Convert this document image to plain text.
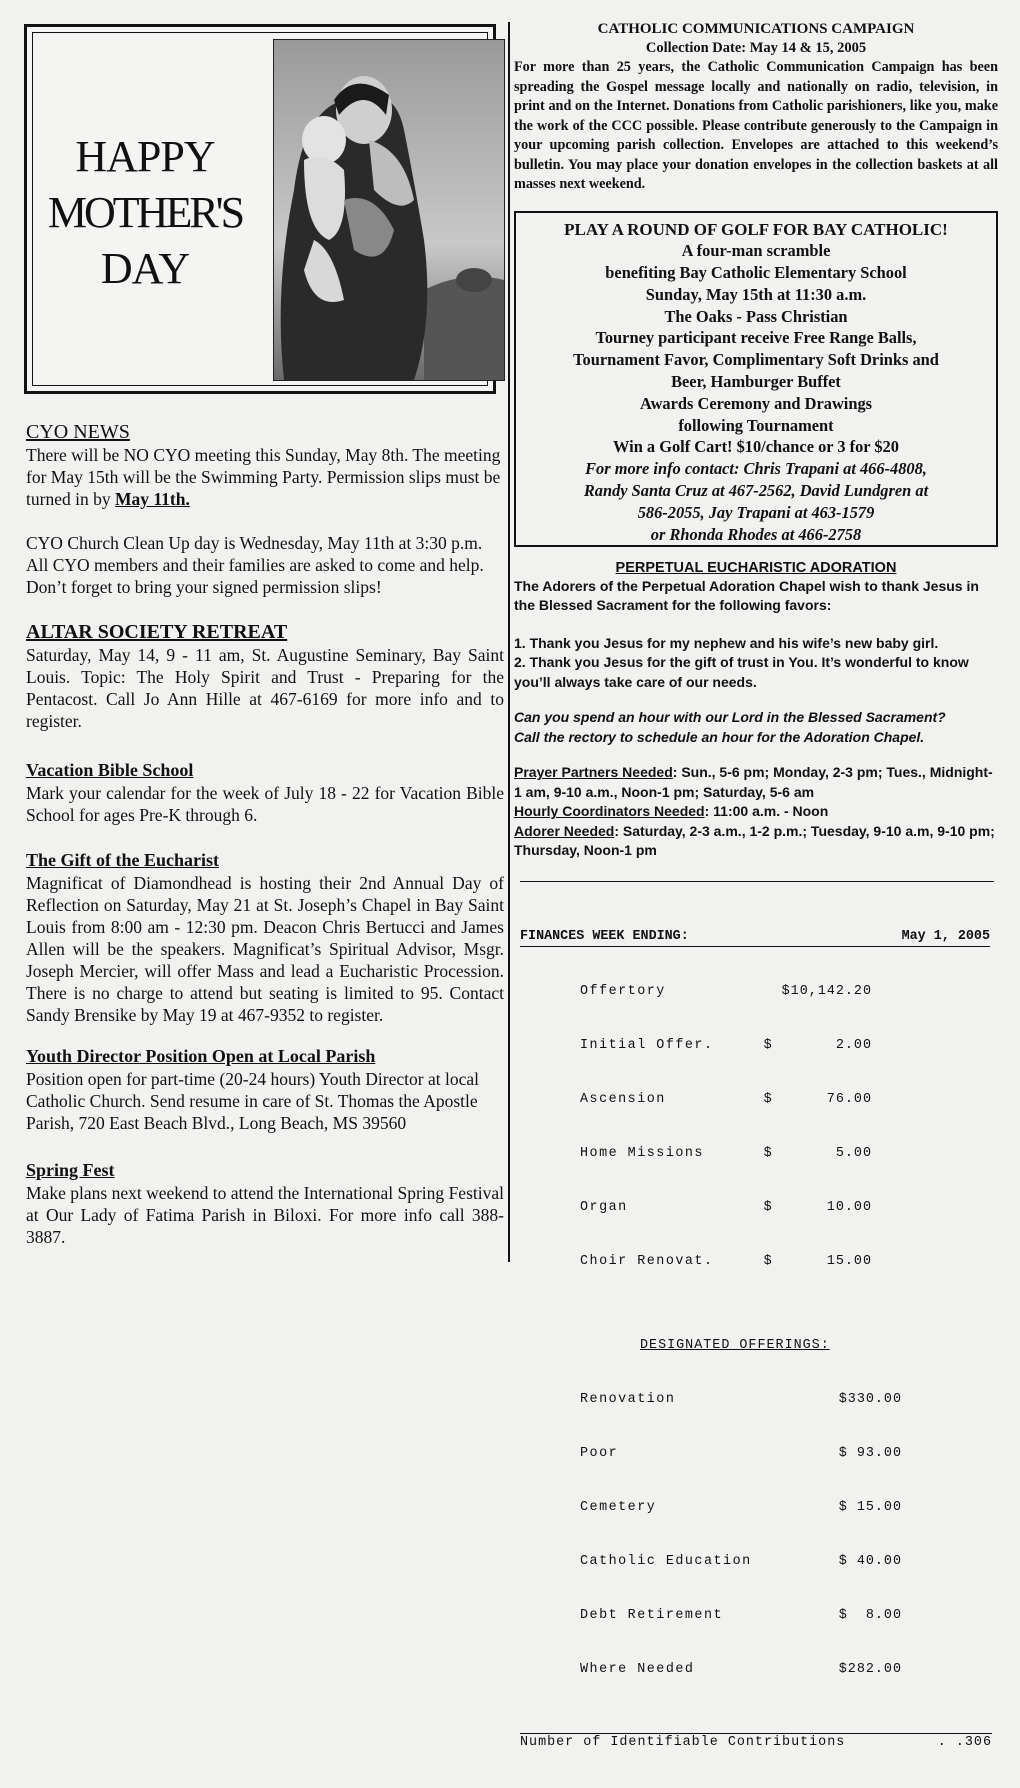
HAPPY
MOTHER'S
DAY
CYO NEWS

There will be NO CYO meeting this Sunday, May 8th. The meeting for May 15th will be the Swimming Party. Permission slips must be turned in by May 11th.

CYO Church Clean Up day is Wednesday, May 11th at 3:30 p.m. All CYO members and their families are asked to come and help. Don’t forget to bring your signed permission slips!

ALTAR SOCIETY RETREAT

Saturday, May 14, 9 - 11 am, St. Augustine Seminary, Bay Saint Louis. Topic: The Holy Spirit and Trust - Preparing for the Pentacost. Call Jo Ann Hille at 467-6169 for more info and to register.

Vacation Bible School

Mark your calendar for the week of July 18 - 22 for Vacation Bible School for ages Pre-K through 6.

The Gift of the Eucharist

Magnificat of Diamondhead is hosting their 2nd Annual Day of Reflection on Saturday, May 21 at St. Joseph’s Chapel in Bay Saint Louis from 8:00 am - 12:30 pm. Deacon Chris Bertucci and James Allen will be the speakers. Magnificat’s Spiritual Advisor, Msgr. Joseph Mercier, will offer Mass and lead a Eucharistic Procession. There is no charge to attend but seating is limited to 95. Contact Sandy Brensike by May 19 at 467-9352 to register.

Youth Director Position Open at Local Parish

Position open for part-time (20-24 hours) Youth Director at local Catholic Church. Send resume in care of St. Thomas the Apostle Parish, 720 East Beach Blvd., Long Beach, MS 39560

Spring Fest

Make plans next weekend to attend the International Spring Festival at Our Lady of Fatima Parish in Biloxi. For more info call 388-3887.

CATHOLIC COMMUNICATIONS CAMPAIGN
Collection Date: May 14 & 15, 2005

For more than 25 years, the Catholic Communication Campaign has been spreading the Gospel message locally and nationally on radio, television, in print and on the Internet. Donations from Catholic parishioners, like you, make the work of the CCC possible. Please contribute generously to the Campaign in your upcoming parish collection. Envelopes are attached to this weekend’s bulletin. You may place your donation envelopes in the collection baskets at all masses next weekend.

PLAY A ROUND OF GOLF FOR BAY CATHOLIC!
A four-man scramble
benefiting Bay Catholic Elementary School
Sunday, May 15th at 11:30 a.m.
The Oaks - Pass Christian
Tourney participant receive Free Range Balls,
Tournament Favor, Complimentary Soft Drinks and
Beer, Hamburger Buffet
Awards Ceremony and Drawings
following Tournament
Win a Golf Cart! $10/chance or 3 for $20
For more info contact: Chris Trapani at 466-4808,
Randy Santa Cruz at 467-2562, David Lundgren at
586-2055, Jay Trapani at 463-1579
or Rhonda Rhodes at 466-2758
PERPETUAL EUCHARISTIC ADORATION

The Adorers of the Perpetual Adoration Chapel wish to thank Jesus in the Blessed Sacrament for the following favors:

1. Thank you Jesus for my nephew and his wife’s new baby girl.

2. Thank you Jesus for the gift of trust in You. It’s wonderful to know you’ll always take care of our needs.

Can you spend an hour with our Lord in the Blessed Sacrament?

Call the rectory to schedule an hour for the Adoration Chapel.

Prayer Partners Needed: Sun., 5-6 pm; Monday, 2-3 pm; Tues., Midnight-1 am, 9-10 a.m., Noon-1 pm; Saturday, 5-6 am
Hourly Coordinators Needed: 11:00 a.m. - Noon
Adorer Needed: Saturday, 2-3 a.m., 1-2 p.m.; Tuesday, 9-10 a.m, 9-10 pm; Thursday, Noon-1 pm

FINANCES WEEK ENDING:	May 1, 2005

Offertory	$10,142.20

Initial Offer.	$       2.00

Ascension	$      76.00

Home Missions	$       5.00

Organ	$      10.00

Choir Renovat.	$      15.00

DESIGNATED OFFERINGS:

Renovation	$330.00

Poor	$ 93.00

Cemetery	$ 15.00

Catholic Education	$ 40.00

Debt Retirement	$  8.00

Where Needed	$282.00

Number of Identifiable Contributions	. .306
